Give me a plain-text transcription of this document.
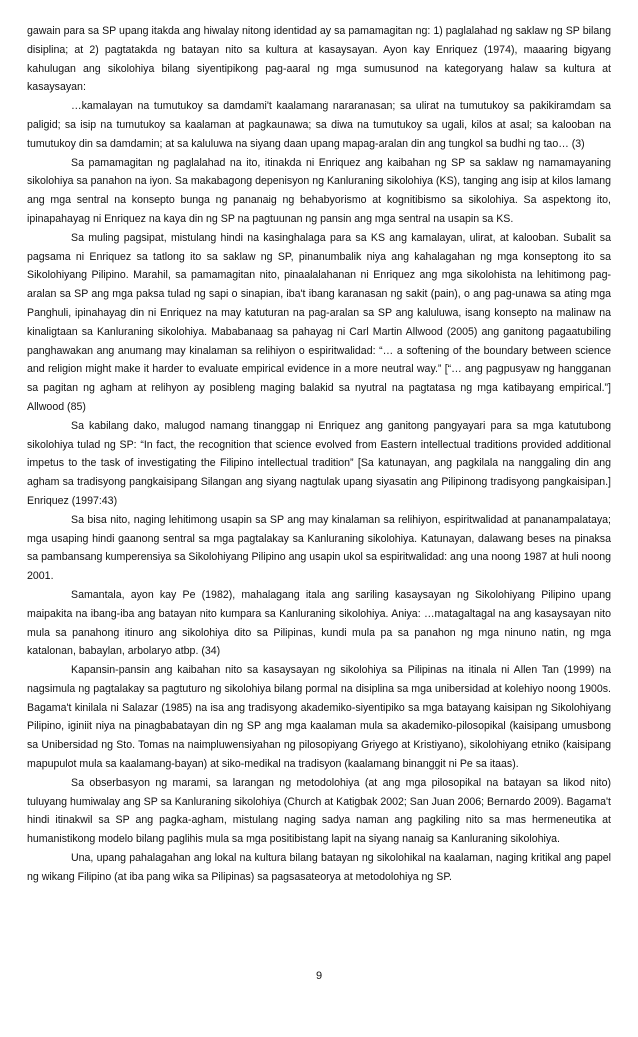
gawain para sa SP upang itakda ang hiwalay nitong identidad ay sa pamamagitan ng: 1) paglalahad ng saklaw ng SP bilang disiplina; at 2) pagtatakda ng batayan nito sa kultura at kasaysayan. Ayon kay Enriquez (1974), maaaring bigyang kahulugan ang sikolohiya bilang siyentipikong pag-aaral ng mga sumusunod na kategoryang halaw sa kultura at kasaysayan:

…kamalayan na tumutukoy sa damdami't kaalamang nararanasan; sa ulirat na tumutukoy sa pakikiramdam sa paligid; sa isip na tumutukoy sa kaalaman at pagkaunawa; sa diwa na tumutukoy sa ugali, kilos at asal; sa kalooban na tumutukoy din sa damdamin; at sa kaluluwa na siyang daan upang mapag-aralan din ang tungkol sa budhi ng tao… (3)

Sa pamamagitan ng paglalahad na ito, itinakda ni Enriquez ang kaibahan ng SP sa saklaw ng namamayaning sikolohiya sa panahon na iyon. Sa makabagong depenisyon ng Kanluraning sikolohiya (KS), tanging ang isip at kilos lamang ang mga sentral na konsepto bunga ng pananaig ng behabyorismo at kognitibismo sa sikolohiya. Sa aspektong ito, ipinapahayag ni Enriquez na kaya din ng SP na pagtuunan ng pansin ang mga sentral na usapin sa KS.

Sa muling pagsipat, mistulang hindi na kasinghalaga para sa KS ang kamalayan, ulirat, at kalooban. Subalit sa pagsama ni Enriquez sa tatlong ito sa saklaw ng SP, pinanumbalik niya ang kahalagahan ng mga konseptong ito sa Sikolohiyang Pilipino. Marahil, sa pamamagitan nito, pinaalalahanan ni Enriquez ang mga sikolohista na lehitimong pag-aralan sa SP ang mga paksa tulad ng sapi o sinapian, iba't ibang karanasan ng sakit (pain), o ang pag-unawa sa ating mga Panghuli, ipinahayag din ni Enriquez na may katuturan na pag-aralan sa SP ang kaluluwa, isang konsepto na malinaw na kinaligtaan sa Kanluraning sikolohiya. Mababanaag sa pahayag ni Carl Martin Allwood (2005) ang ganitong pagaatubiling panghawakan ang anumang may kinalaman sa relihiyon o espiritwalidad: “… a softening of the boundary between science and religion might make it harder to evaluate empirical evidence in a more neutral way.” [“… ang pagpusyaw ng hangganan sa pagitan ng agham at relihyon ay posibleng maging balakid sa nyutral na pagtatasa ng mga katibayang empirical.”] Allwood (85)

Sa kabilang dako, malugod namang tinanggap ni Enriquez ang ganitong pangyayari para sa mga katutubong sikolohiya tulad ng SP: “In fact, the recognition that science evolved from Eastern intellectual traditions provided additional impetus to the task of investigating the Filipino intellectual tradition” [Sa katunayan, ang pagkilala na nanggaling din ang agham sa tradisyong pangkaisipang Silangan ang siyang nagtulak upang siyasatin ang Pilipinong tradisyong pangkaisipan.] Enriquez (1997:43)

Sa bisa nito, naging lehitimong usapin sa SP ang may kinalaman sa relihiyon, espiritwalidad at pananampalataya; mga usaping hindi gaanong sentral sa mga pagtalakay sa Kanluraning sikolohiya. Katunayan, dalawang beses na pinaksa sa pambansang kumperensiya sa Sikolohiyang Pilipino ang usapin ukol sa espiritwalidad: ang una noong 1987 at huli noong 2001.

Samantala, ayon kay Pe (1982), mahalagang itala ang sariling kasaysayan ng Sikolohiyang Pilipino upang maipakita na ibang-iba ang batayan nito kumpara sa Kanluraning sikolohiya. Aniya: …matagaltagal na ang kasaysayan nito mula sa panahong itinuro ang sikolohiya dito sa Pilipinas, kundi mula pa sa panahon ng mga ninuno natin, ng mga katalonan, babaylan, arbolaryo atbp. (34)

Kapansin-pansin ang kaibahan nito sa kasaysayan ng sikolohiya sa Pilipinas na itinala ni Allen Tan (1999) na nagsimula ng pagtalakay sa pagtuturo ng sikolohiya bilang pormal na disiplina sa mga unibersidad at kolehiyo noong 1900s. Bagama't kinilala ni Salazar (1985) na isa ang tradisyong akademiko-siyentipiko sa mga batayang kaisipan ng Sikolohiyang Pilipino, iginiit niya na pinagbabatayan din ng SP ang mga kaalaman mula sa akademiko-pilosopikal (kaisipang umusbong sa Unibersidad ng Sto. Tomas na naimpluwensiyahan ng pilosopiyang Griyego at Kristiyano), sikolohiyang etniko (kaisipang mapupulot mula sa kaalamang-bayan) at siko-medikal na tradisyon (kaalamang binanggit ni Pe sa itaas).

Sa obserbasyon ng marami, sa larangan ng metodolohiya (at ang mga pilosopikal na batayan sa likod nito) tuluyang humiwalay ang SP sa Kanluraning sikolohiya (Church at Katigbak 2002; San Juan 2006; Bernardo 2009). Bagama't hindi itinakwil sa SP ang pagka-agham, mistulang naging sadya naman ang pagkiling nito sa mas hermeneutika at humanistikong modelo bilang paglihis mula sa mga positibistang lapit na siyang nanaig sa Kanluraning sikolohiya.

Una, upang pahalagahan ang lokal na kultura bilang batayan ng sikolohikal na kaalaman, naging kritikal ang papel ng wikang Filipino (at iba pang wika sa Pilipinas) sa pagsasateorya at metodolohiya ng SP.

9
